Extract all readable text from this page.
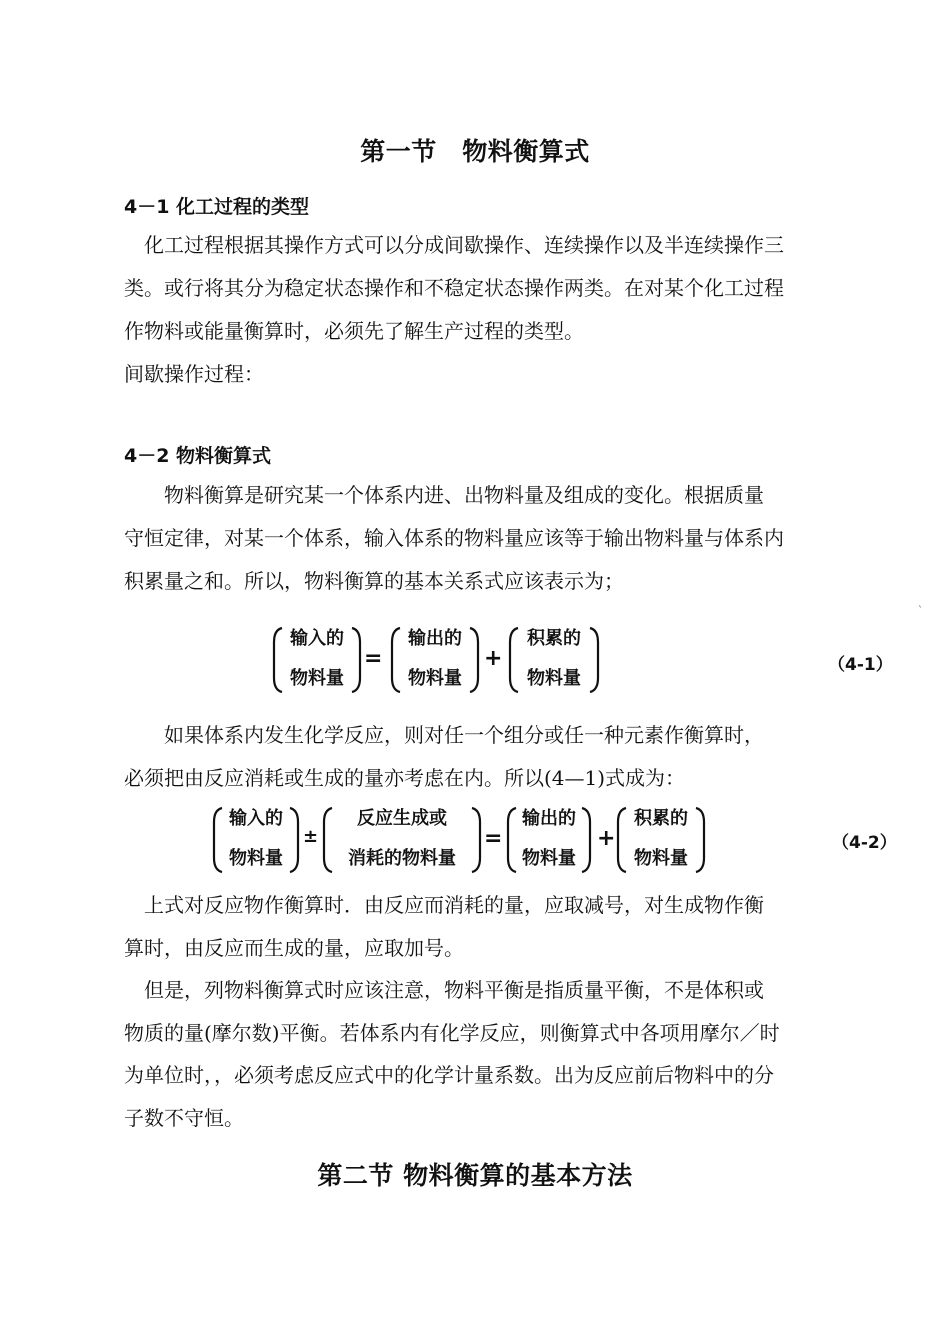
第一节　物料衡算式
4－1 化工过程的类型
　化工过程根据其操作方式可以分成间歇操作、连续操作以及半连续操作三
类。或行将其分为稳定状态操作和不稳定状态操作两类。在对某个化工过程
作物料或能量衡算时，必须先了解生产过程的类型。
间歇操作过程：
4－2 物料衡算式
　　物料衡算是研究某一个体系内进、出物料量及组成的变化。根据质量
守恒定律，对某一个体系，输入体系的物料量应该等于输出物料量与体系内
积累量之和。所以，物料衡算的基本关系式应该表示为；
输入的
物料量
=
输出的
物料量
+
积累的
物料量
（4-1）
`
　　如果体系内发生化学反应，则对任一个组分或任一种元素作衡算时，
必须把由反应消耗或生成的量亦考虑在内。所以(4—1)式成为：
输入的
物料量
±
反应生成或
消耗的物料量
=
输出的
物料量
+
积累的
物料量
（4-2）
　上式对反应物作衡算时．由反应而消耗的量，应取减号，对生成物作衡
算时，由反应而生成的量，应取加号。
　但是，列物料衡算式时应该注意，物料平衡是指质量平衡，不是体积或
物质的量(摩尔数)平衡。若体系内有化学反应，则衡算式中各项用摩尔／时
为单位时，，必须考虑反应式中的化学计量系数。出为反应前后物料中的分
子数不守恒。
第二节 物料衡算的基本方法
